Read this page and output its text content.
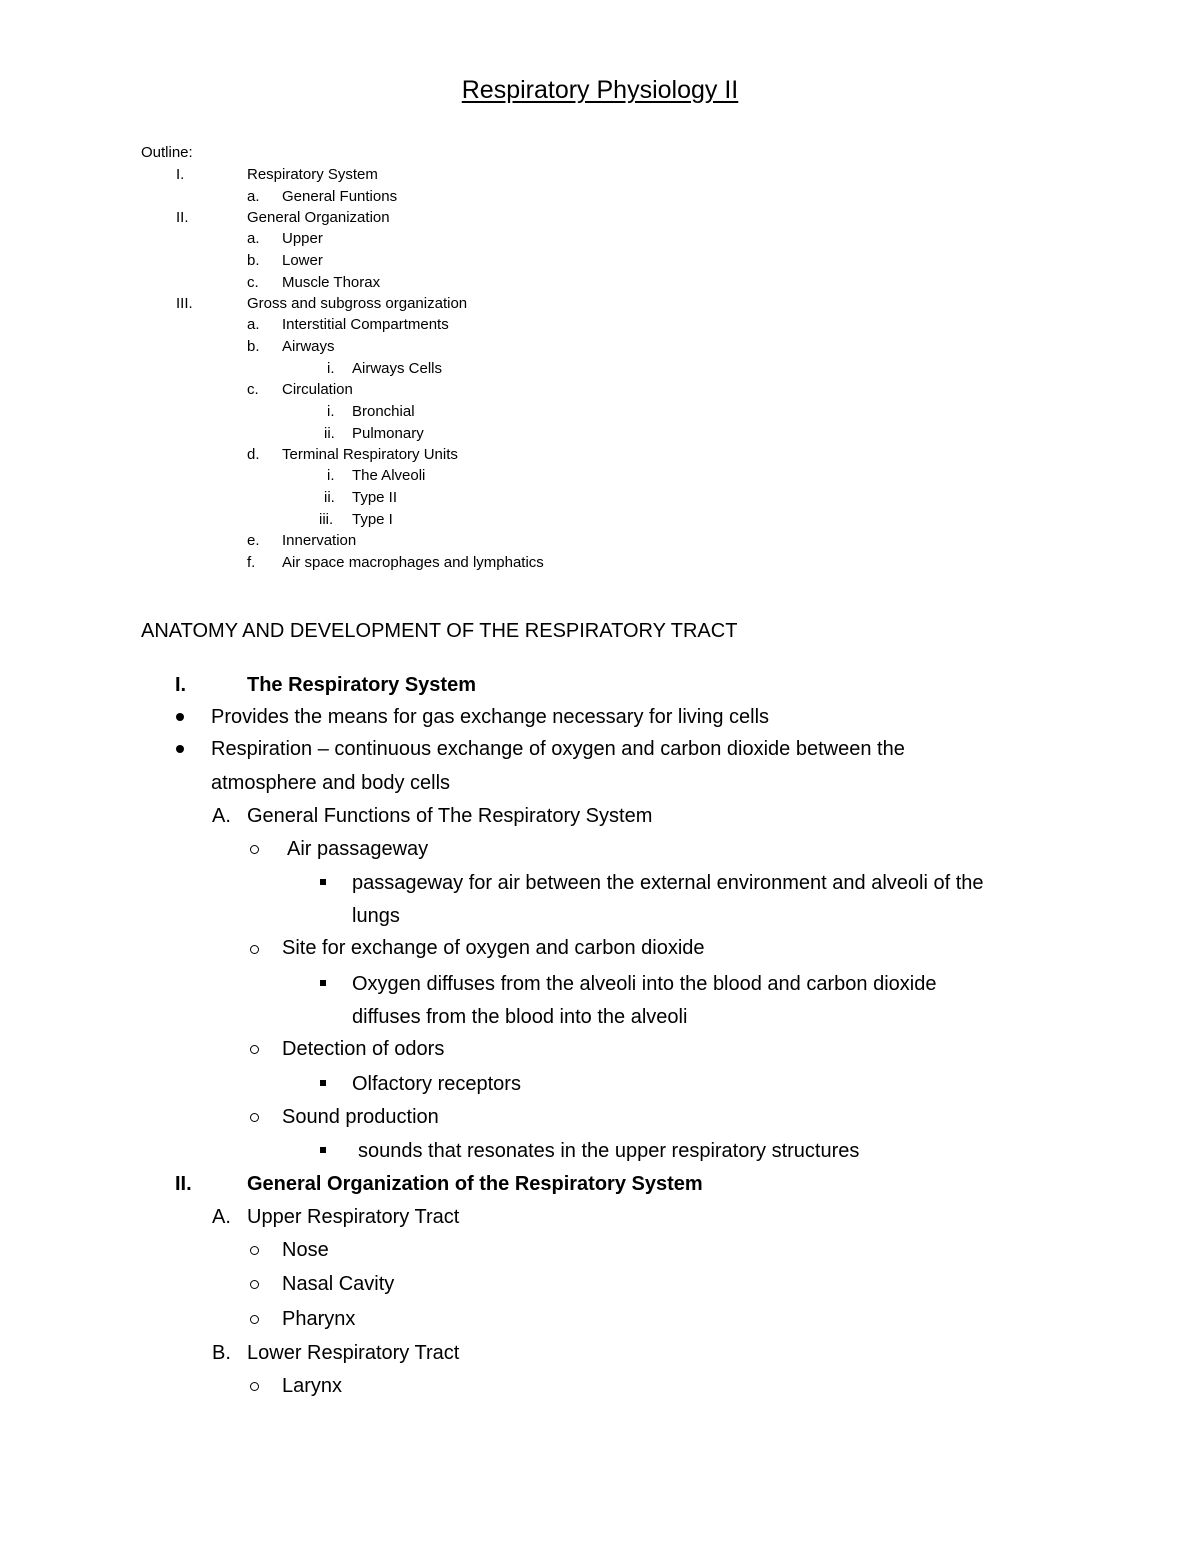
Respiratory Physiology II
Outline:
I.	Respiratory System
a. General Funtions
II.	General Organization
a. Upper
b. Lower
c. Muscle Thorax
III.	Gross and subgross organization
a. Interstitial Compartments
b. Airways
i. Airways Cells
c. Circulation
i. Bronchial
ii. Pulmonary
d. Terminal Respiratory Units
i. The Alveoli
ii. Type II
iii. Type I
e. Innervation
f. Air space macrophages and lymphatics
ANATOMY AND DEVELOPMENT OF THE RESPIRATORY TRACT
I.	The Respiratory System
Provides the means for gas exchange necessary for living cells
Respiration – continuous exchange of oxygen and carbon dioxide between the
atmosphere and body cells
A. General Functions of The Respiratory System
Air passageway
passageway for air between the external environment and alveoli of the
lungs
Site for exchange of oxygen and carbon dioxide
Oxygen diffuses from the alveoli into the blood and carbon dioxide
diffuses from the blood into the alveoli
Detection of odors
Olfactory receptors
Sound production
sounds that resonates in the upper respiratory structures
II.	General Organization of the Respiratory System
A. Upper Respiratory Tract
Nose
Nasal Cavity
Pharynx
B. Lower Respiratory Tract
Larynx
